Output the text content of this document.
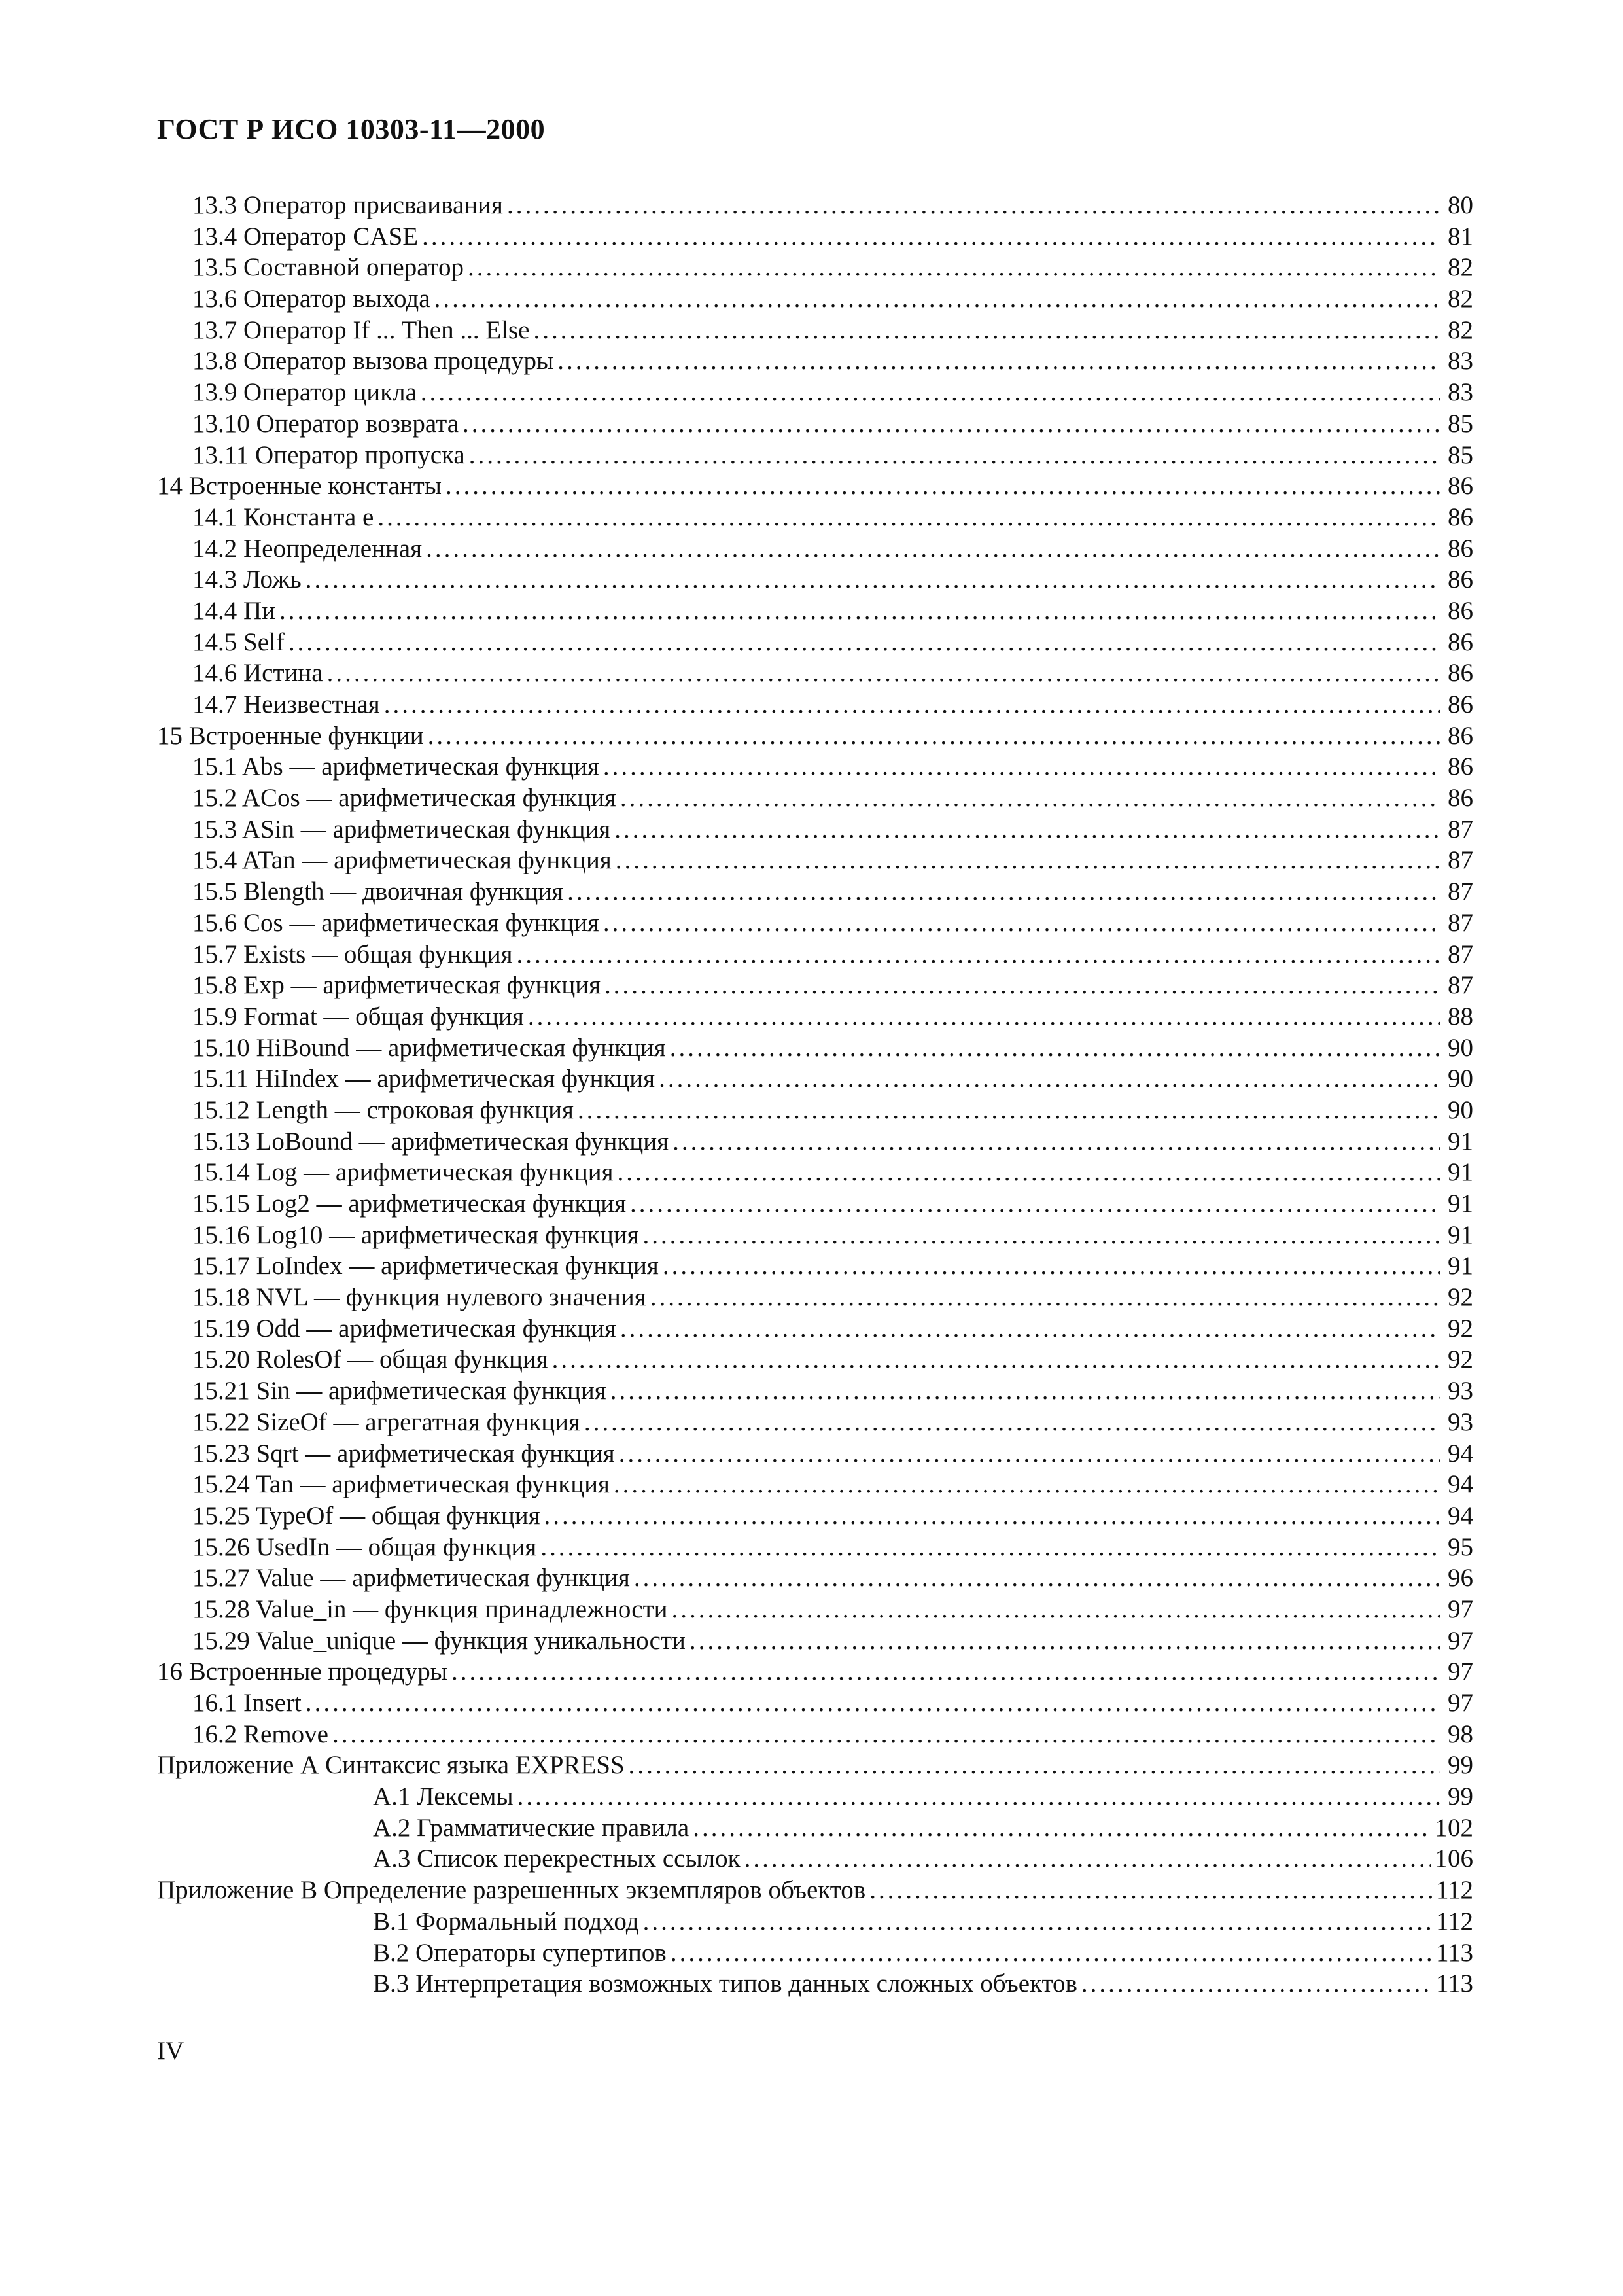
ГОСТ Р ИСО 10303-11—2000
13.3 Оператор присваивания .....	80
13.4 Оператор CASE .....	81
13.5 Составной оператор .....	82
13.6 Оператор выхода .....	82
13.7 Оператор If ... Then ... Else .....	82
13.8 Оператор вызова процедуры .....	83
13.9 Оператор цикла .....	83
13.10 Оператор возврата .....	85
13.11 Оператор пропуска .....	85
14 Встроенные константы .....	86
14.1 Константа e .....	86
14.2 Неопределенная .....	86
14.3 Ложь .....	86
14.4 Пи .....	86
14.5 Self .....	86
14.6 Истина .....	86
14.7 Неизвестная .....	86
15 Встроенные функции .....	86
15.1 Abs — арифметическая функция .....	86
15.2 ACos — арифметическая функция .....	86
15.3 ASin — арифметическая функция .....	87
15.4 ATan — арифметическая функция .....	87
15.5 Blength — двоичная функция .....	87
15.6 Cos — арифметическая функция .....	87
15.7 Exists — общая функция .....	87
15.8 Exp — арифметическая функция .....	87
15.9 Format — общая функция .....	88
15.10 HiBound — арифметическая функция .....	90
15.11 HiIndex — арифметическая функция .....	90
15.12 Length — строковая функция .....	90
15.13 LoBound — арифметическая функция .....	91
15.14 Log — арифметическая функция .....	91
15.15 Log2 — арифметическая функция .....	91
15.16 Log10 — арифметическая функция .....	91
15.17 LoIndex — арифметическая функция .....	91
15.18 NVL — функция нулевого значения .....	92
15.19 Odd — арифметическая функция .....	92
15.20 RolesOf — общая функция .....	92
15.21 Sin — арифметическая функция .....	93
15.22 SizeOf — агрегатная функция .....	93
15.23 Sqrt — арифметическая функция .....	94
15.24 Tan — арифметическая функция .....	94
15.25 TypeOf — общая функция .....	94
15.26 UsedIn — общая функция .....	95
15.27 Value — арифметическая функция .....	96
15.28 Value_in — функция принадлежности .....	97
15.29 Value_unique — функция уникальности .....	97
16 Встроенные процедуры .....	97
16.1 Insert .....	97
16.2 Remove .....	98
Приложение А Синтаксис языка EXPRESS .....	99
А.1 Лексемы .....	99
А.2 Грамматические правила .....	102
А.3 Список перекрестных ссылок .....	106
Приложение В Определение разрешенных экземпляров объектов .....	112
В.1 Формальный подход .....	112
В.2 Операторы супертипов .....	113
В.3 Интерпретация возможных типов данных сложных объектов .....	113
IV
